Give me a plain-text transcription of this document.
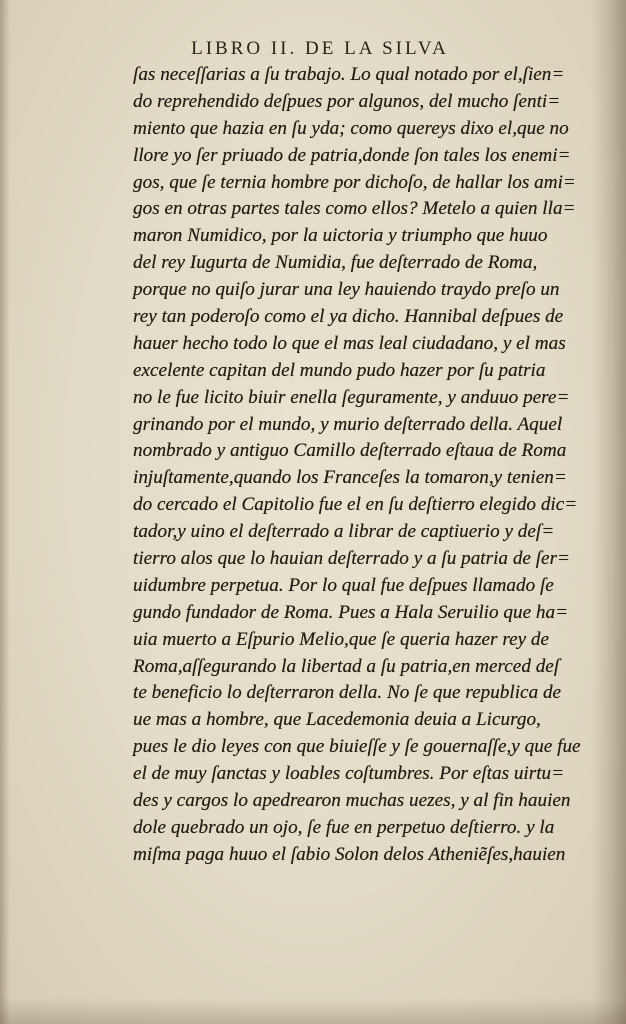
LIBRO II. DE LA SILVA
ſas neceſſarias a ſu trabajo. Lo qual notado por el,ſien=
do reprehendido deſpues por algunos, del mucho ſenti=
miento que hazia en ſu yda; como quereys dixo el,que no
llore yo ſer priuado de patria,donde ſon tales los enemi=
gos, que ſe ternia hombre por dichoſo, de hallar los ami=
gos en otras partes tales como ellos? Metelo a quien lla=
maron Numidico, por la uictoria y triumpho que huuo
del rey Iugurta de Numidia, fue deſterrado de Roma,
porque no quiſo jurar una ley hauiendo traydo preſo un
rey tan poderoſo como el ya dicho. Hannibal deſpues de
hauer hecho todo lo que el mas leal ciudadano, y el mas
excelente capitan del mundo pudo hazer por ſu patria
no le fue licito biuir enella ſeguramente, y anduuo pere=
grinando por el mundo, y murio deſterrado della. Aquel
nombrado y antiguo Camillo deſterrado eſtaua de Roma
injuſtamente,quando los Franceſes la tomaron,y tenien=
do cercado el Capitolio fue el en ſu deſtierro elegido dic=
tador,y uino el deſterrado a librar de captiuerio y deſ=
tierro alos que lo hauian deſterrado y a ſu patria de ſer=
uidumbre perpetua. Por lo qual fue deſpues llamado ſe
gundo fundador de Roma. Pues a Hala Seruilio que ha=
uia muerto a Eſpurio Melio,que ſe queria hazer rey de
Roma,aſſegurando la libertad a ſu patria,en merced deſ
te beneficio lo deſterraron della. No ſe que republica de
ue mas a hombre, que Lacedemonia deuia a Licurgo,
pues le dio leyes con que biuieſſe y ſe gouernaſſe,y que fue
el de muy ſanctas y loables coſtumbres. Por eſtas uirtu=
des y cargos lo apedrearon muchas uezes, y al fin hauien
dole quebrado un ojo, ſe fue en perpetuo deſtierro. y la
miſma paga huuo el ſabio Solon delos Atheniẽſes,hauien
